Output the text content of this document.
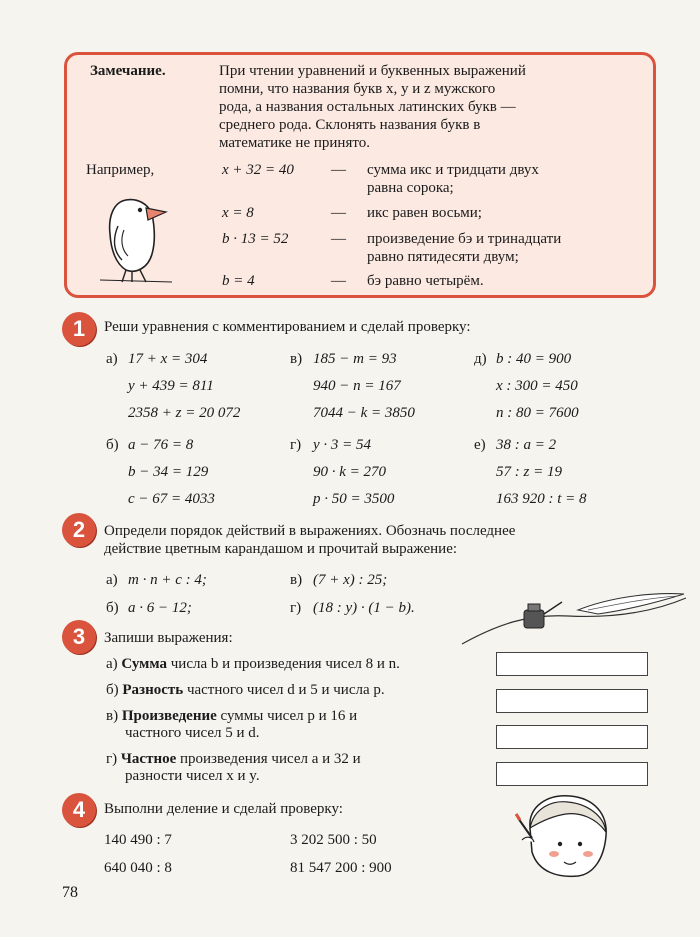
Замечание.	При чтении уравнений и буквенных выражений
помни, что названия букв x, y и z мужского
рода, а названия остальных латинских букв —
среднего рода. Склонять названия букв в
математике не принято.
Например,	x + 32 = 40 — сумма икс и тридцати двух
равна сорока;
x = 8	— икс равен восьми;
b · 13 = 52	— произведение бэ и тринадцати
равно пятидесяти двум;
b = 4	— бэ равно четырём.
1	Реши уравнения с комментированием и сделай проверку:
а) 17 + x = 304
y + 439 = 811
2358 + z = 20 072
в) 185 − m = 93
940 − n = 167
7044 − k = 3850
д) b : 40 = 900
x : 300 = 450
n : 80 = 7600
б) a − 76 = 8
b − 34 = 129
c − 67 = 4033
г) y · 3 = 54
90 · k = 270
p · 50 = 3500
е) 38 : a = 2
57 : z = 19
163 920 : t = 8
2	Определи порядок действий в выражениях. Обозначь последнее
действие цветным карандашом и прочитай выражение:
а) m · n + c : 4;	в) (7 + x) : 25;
б) a · 6 − 12;	г) (18 : y) · (1 − b).
3	Запиши выражения:
а) Сумма числа b и произведения чисел 8 и n.
б) Разность частного чисел d и 5 и числа p.
в) Произведение суммы чисел p и 16 и
частного чисел 5 и d.
г) Частное произведения чисел a и 32 и
разности чисел x и y.
4	Выполни деление и сделай проверку:
140 490 : 7	3 202 500 : 50
640 040 : 8	81 547 200 : 900
78
